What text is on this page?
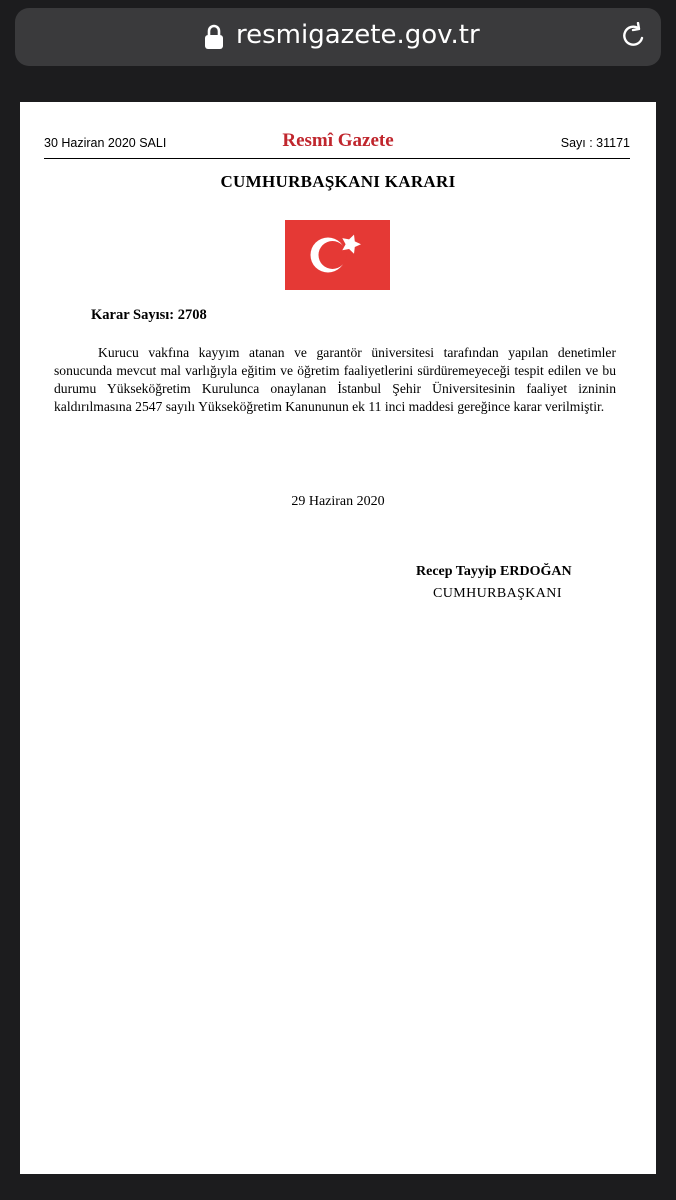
resmigazete.gov.tr
30 Haziran 2020 SALI	Resmî Gazete	Sayı : 31171
CUMHURBAŞKANI KARARI
Karar Sayısı: 2708

Kurucu vakfına kayyım atanan ve garantör üniversitesi tarafından yapılan denetimler sonucunda mevcut mal varlığıyla eğitim ve öğretim faaliyetlerini sürdüremeyeceği tespit edilen ve bu durumu Yükseköğretim Kurulunca onaylanan İstanbul Şehir Üniversitesinin faaliyet izninin kaldırılmasına 2547 sayılı Yükseköğretim Kanununun ek 11 inci maddesi gereğince karar verilmiştir.

29 Haziran 2020
Recep Tayyip ERDOĞAN
CUMHURBAŞKANI
